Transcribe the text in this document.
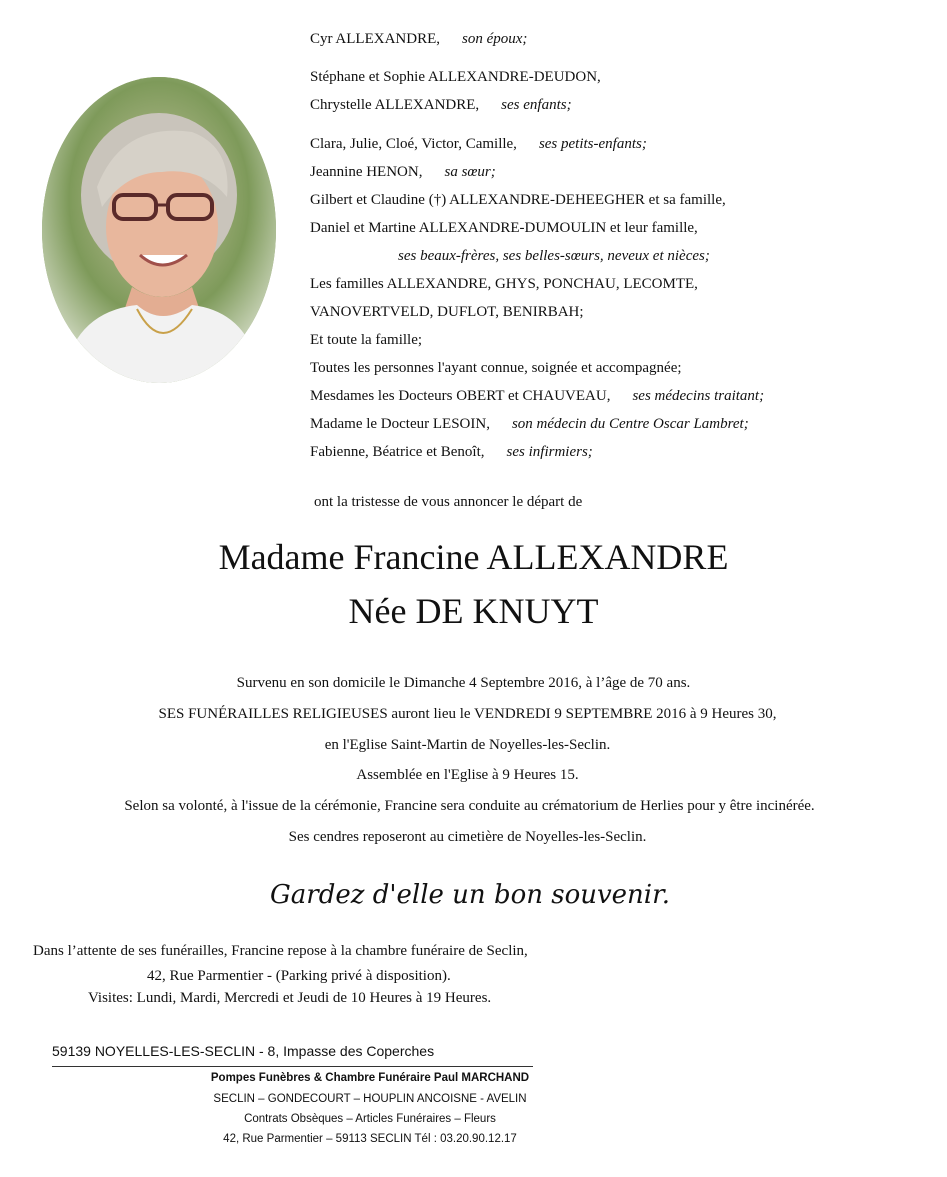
Cyr ALLEXANDRE, son époux;
Stéphane et Sophie ALLEXANDRE-DEUDON,
Chrystelle ALLEXANDRE, ses enfants;
Clara, Julie, Cloé, Victor, Camille, ses petits-enfants;
Jeannine HENON, sa sœur;
Gilbert et Claudine (†) ALLEXANDRE-DEHEEGHER et sa famille,
Daniel et Martine ALLEXANDRE-DUMOULIN et leur famille,
ses beaux-frères, ses belles-sœurs, neveux et nièces;
Les familles ALLEXANDRE, GHYS, PONCHAU, LECOMTE,
VANOVERTVELD, DUFLOT, BENIRBAH;
Et toute la famille;
Toutes les personnes l'ayant connue, soignée et accompagnée;
Mesdames les Docteurs OBERT et CHAUVEAU, ses médecins traitant;
Madame le Docteur LESOIN, son médecin du Centre Oscar Lambret;
Fabienne, Béatrice et Benoît, ses infirmiers;
ont la tristesse de vous annoncer le départ de
Madame Francine ALLEXANDRE
Née DE KNUYT
Survenu en son domicile le Dimanche 4 Septembre 2016, à l’âge de 70 ans.
SES FUNÉRAILLES RELIGIEUSES auront lieu le VENDREDI 9 SEPTEMBRE 2016 à 9 Heures 30,
en l'Eglise Saint-Martin de Noyelles-les-Seclin.
Assemblée en l'Eglise à 9 Heures 15.
Selon sa volonté, à l'issue de la cérémonie, Francine sera conduite au crématorium de Herlies pour y être incinérée.
Ses cendres reposeront au cimetière de Noyelles-les-Seclin.
Gardez d'elle un bon souvenir.
Dans l’attente de ses funérailles, Francine repose à la chambre funéraire de Seclin,
42, Rue Parmentier - (Parking privé à disposition).
Visites: Lundi, Mardi, Mercredi et Jeudi de 10 Heures à 19 Heures.
59139 NOYELLES-LES-SECLIN - 8, Impasse des Coperches
Pompes Funèbres & Chambre Funéraire Paul MARCHAND
SECLIN – GONDECOURT – HOUPLIN ANCOISNE - AVELIN
Contrats Obsèques – Articles Funéraires – Fleurs
42, Rue Parmentier – 59113 SECLIN Tél : 03.20.90.12.17
